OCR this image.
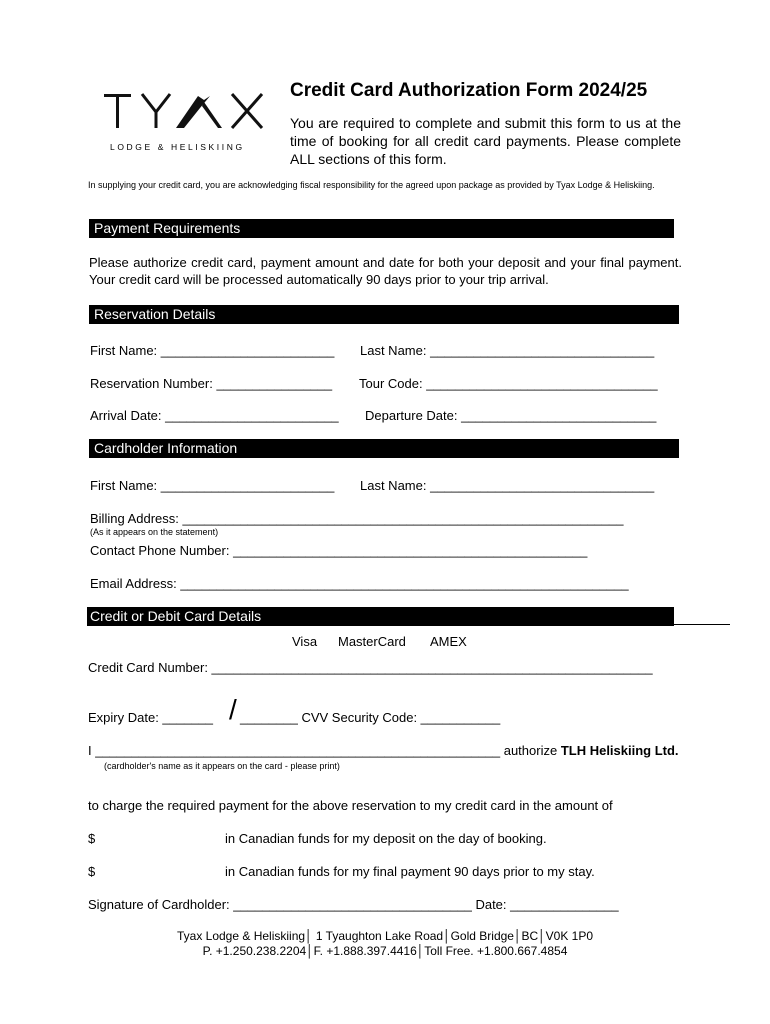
LODGE & HELISKIING
Credit Card Authorization Form 2024/25
You are required to complete and submit this form to us at the time of booking for all credit card payments. Please complete ALL sections of this form.
In supplying your credit card, you are acknowledging fiscal responsibility for the agreed upon package as provided by Tyax Lodge & Heliskiing.
Payment Requirements
Please authorize credit card, payment amount and date for both your deposit and your final payment. Your credit card will be processed automatically 90 days prior to your trip arrival.
Reservation Details
First Name: ________________________ Last Name: _______________________________
Reservation Number: ________________ Tour Code: ________________________________
Arrival Date: ________________________ Departure Date: ___________________________
Cardholder Information
First Name: ________________________ Last Name: _______________________________
Billing Address: _____________________________________________________________
(As it appears on the statement)
Contact Phone Number: _________________________________________________
Email Address: ______________________________________________________________
Credit or Debit Card Details
Visa MasterCard AMEX
Credit Card Number: _____________________________________________________________
Expiry Date: _______ / ________ CVV Security Code: ___________
I ________________________________________________________ authorize TLH Heliskiing Ltd.
(cardholder's name as it appears on the card - please print)
to charge the required payment for the above reservation to my credit card in the amount of
$	in Canadian funds for my deposit on the day of booking.
$	in Canadian funds for my final payment 90 days prior to my stay.
Signature of Cardholder: _________________________________ Date: _______________
Tyax Lodge & Heliskiing│ 1 Tyaughton Lake Road│Gold Bridge│BC│V0K 1P0
P. +1.250.238.2204│F. +1.888.397.4416│Toll Free. +1.800.667.4854
